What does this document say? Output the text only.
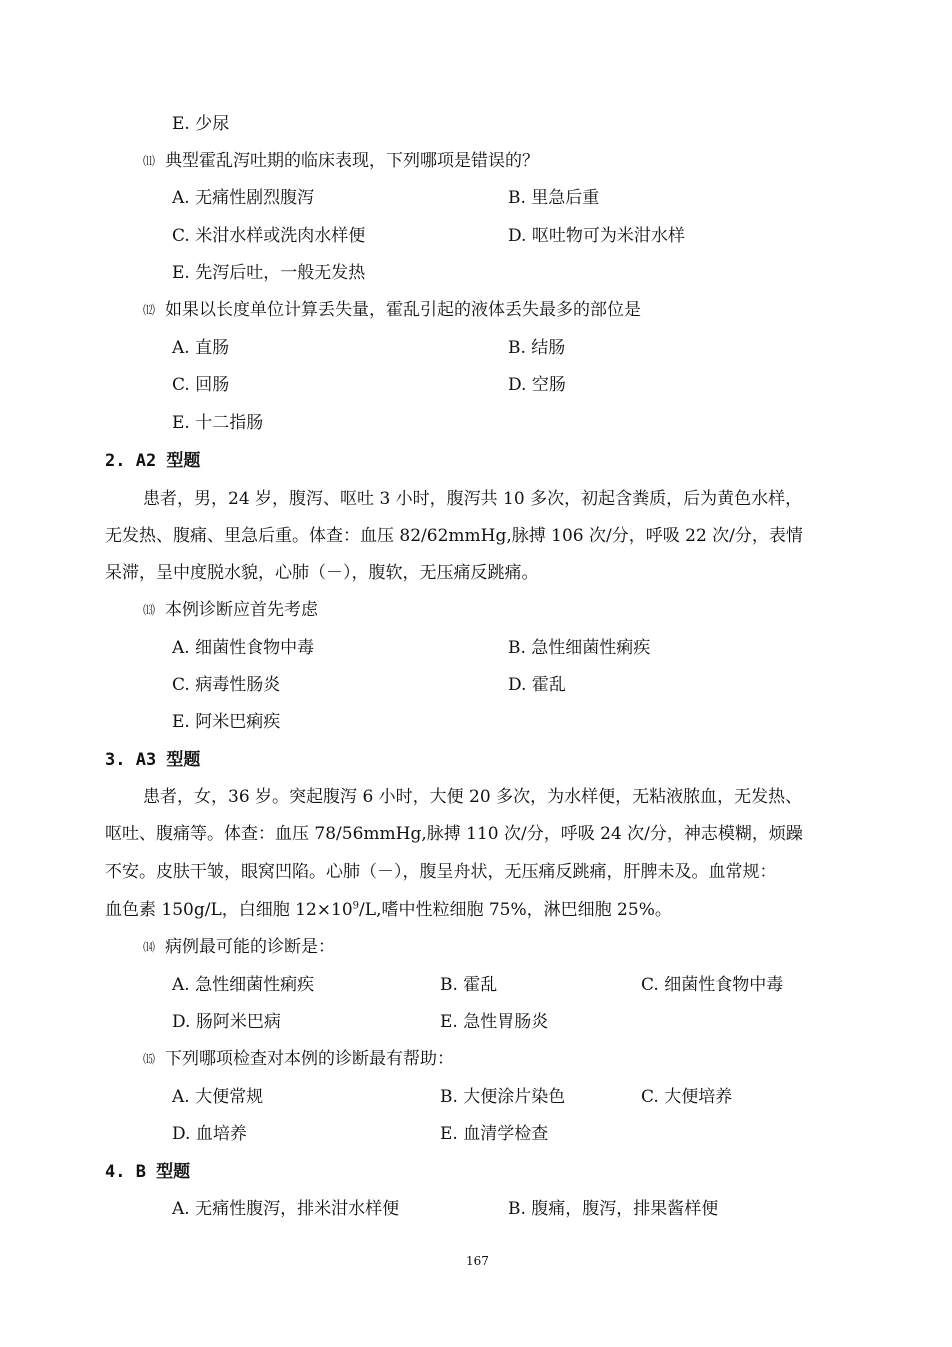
E. 少尿
⑾ 典型霍乱泻吐期的临床表现，下列哪项是错误的？
A. 无痛性剧烈腹泻	B. 里急后重
C. 米泔水样或洗肉水样便	D. 呕吐物可为米泔水样
E. 先泻后吐，一般无发热
⑿ 如果以长度单位计算丢失量，霍乱引起的液体丢失最多的部位是
A. 直肠	B. 结肠
C. 回肠	D. 空肠
E. 十二指肠
2. A2 型题
患者，男，24 岁，腹泻、呕吐 3 小时，腹泻共 10 多次，初起含粪质，后为黄色水样，
无发热、腹痛、里急后重。体查：血压 82/62mmHg,脉搏 106 次/分，呼吸 22 次/分，表情
呆滞，呈中度脱水貌，心肺（－），腹软，无压痛反跳痛。
⒀ 本例诊断应首先考虑
A. 细菌性食物中毒	B. 急性细菌性痢疾
C. 病毒性肠炎	D. 霍乱
E. 阿米巴痢疾
3. A3 型题
患者，女，36 岁。突起腹泻 6 小时，大便 20 多次，为水样便，无粘液脓血，无发热、
呕吐、腹痛等。体查：血压 78/56mmHg,脉搏 110 次/分，呼吸 24 次/分，神志模糊，烦躁
不安。皮肤干皱，眼窝凹陷。心肺（－），腹呈舟状，无压痛反跳痛，肝脾未及。血常规：
血色素 150g/L，白细胞 $12\times 10^9/L$,嗜中性粒细胞 75%，淋巴细胞 25%。
⒁ 病例最可能的诊断是：
A. 急性细菌性痢疾	B. 霍乱	C. 细菌性食物中毒
D. 肠阿米巴病	E. 急性胃肠炎
⒂ 下列哪项检查对本例的诊断最有帮助：
A. 大便常规	B. 大便涂片染色	C. 大便培养
D. 血培养	E. 血清学检查
4. B 型题
A. 无痛性腹泻，排米泔水样便	B. 腹痛，腹泻，排果酱样便
167
